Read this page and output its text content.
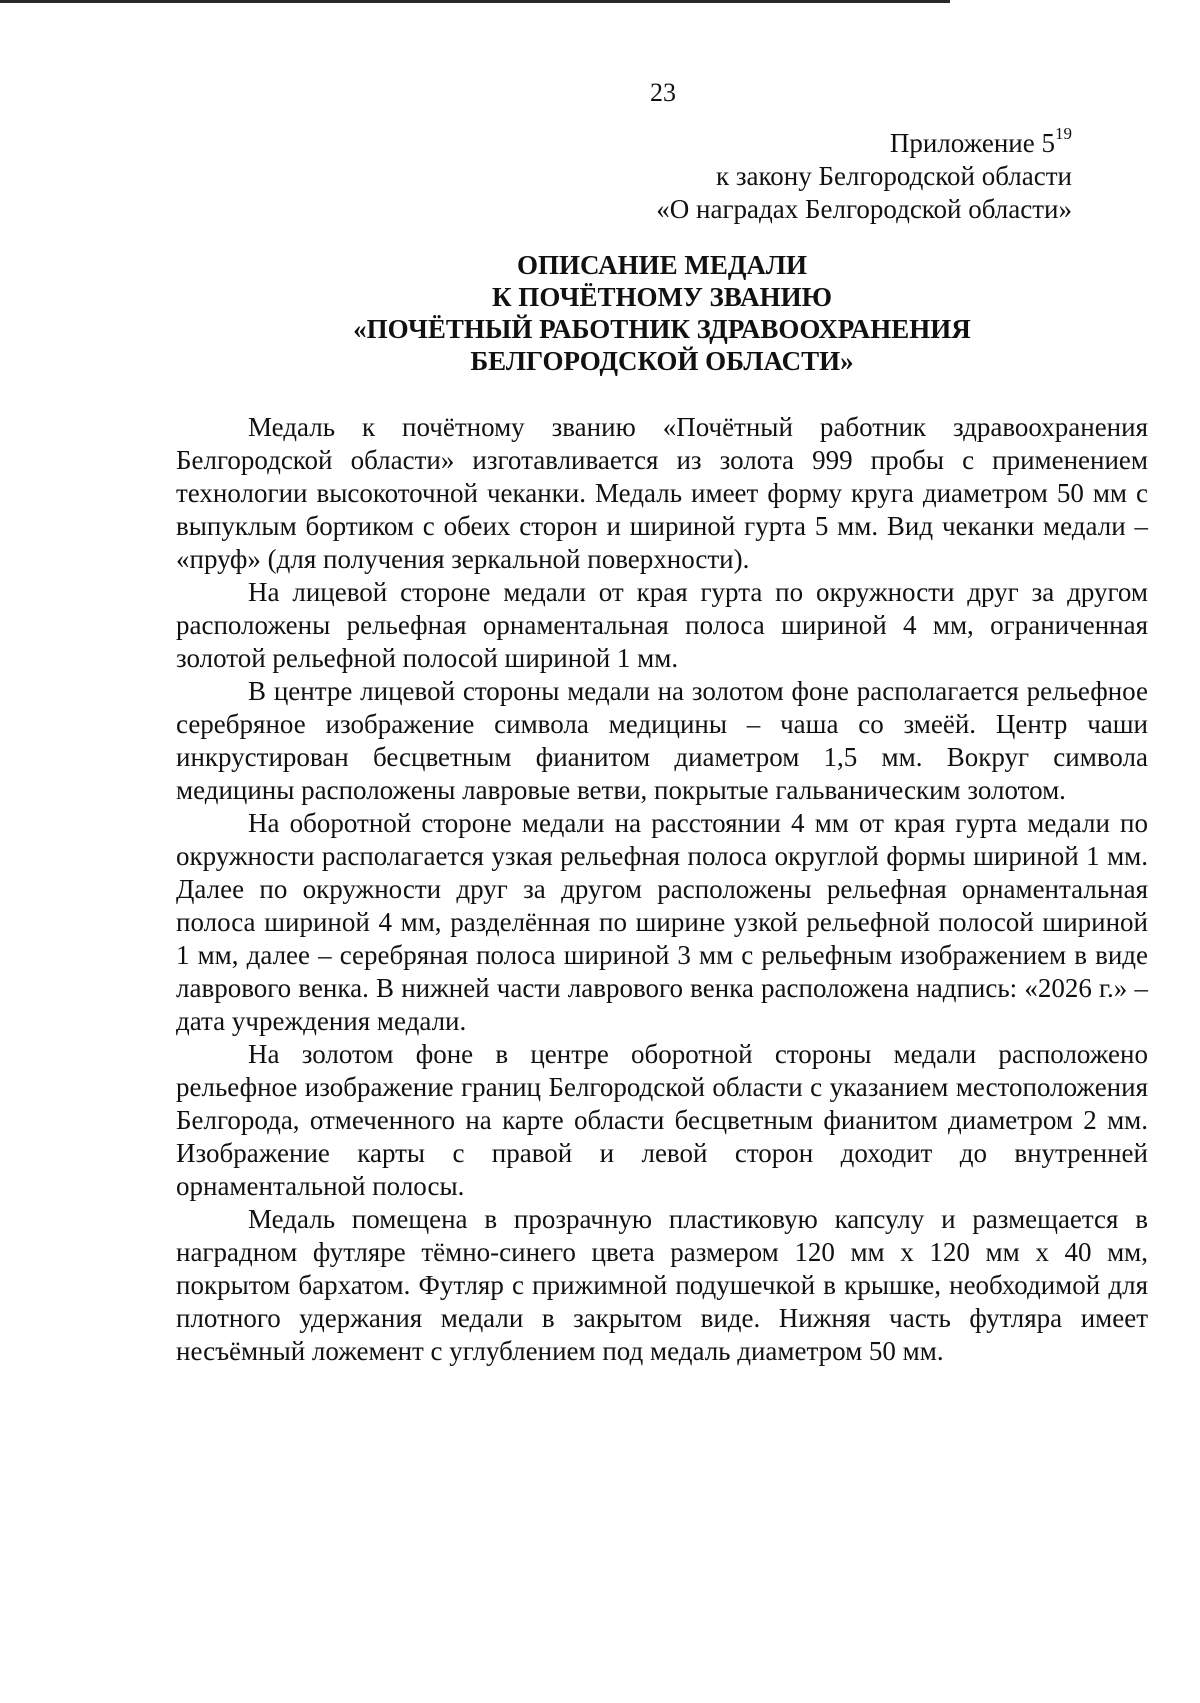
23
Приложение $5^{19}$
к закону Белгородской области
«О наградах Белгородской области»
ОПИСАНИЕ МЕДАЛИ
К ПОЧЁТНОМУ ЗВАНИЮ
«ПОЧЁТНЫЙ РАБОТНИК ЗДРАВООХРАНЕНИЯ
БЕЛГОРОДСКОЙ ОБЛАСТИ»

Медаль к почётному званию «Почётный работник здравоохранения Белгородской области» изготавливается из золота 999 пробы с применением технологии высокоточной чеканки. Медаль имеет форму круга диаметром 50 мм с выпуклым бортиком с обеих сторон и шириной гурта 5 мм. Вид чеканки медали – «пруф» (для получения зеркальной поверхности).

На лицевой стороне медали от края гурта по окружности друг за другом расположены рельефная орнаментальная полоса шириной 4 мм, ограниченная золотой рельефной полосой шириной 1 мм.

В центре лицевой стороны медали на золотом фоне располагается рельефное серебряное изображение символа медицины – чаша со змеёй. Центр чаши инкрустирован бесцветным фианитом диаметром 1,5 мм. Вокруг символа медицины расположены лавровые ветви, покрытые гальваническим золотом.

На оборотной стороне медали на расстоянии 4 мм от края гурта медали по окружности располагается узкая рельефная полоса округлой формы шириной 1 мм. Далее по окружности друг за другом расположены рельефная орнаментальная полоса шириной 4 мм, разделённая по ширине узкой рельефной полосой шириной 1 мм, далее – серебряная полоса шириной 3 мм с рельефным изображением в виде лаврового венка. В нижней части лаврового венка расположена надпись: «2026 г.» – дата учреждения медали.

На золотом фоне в центре оборотной стороны медали расположено рельефное изображение границ Белгородской области с указанием местоположения Белгорода, отмеченного на карте области бесцветным фианитом диаметром 2 мм. Изображение карты с правой и левой сторон доходит до внутренней орнаментальной полосы.

Медаль помещена в прозрачную пластиковую капсулу и размещается в наградном футляре тёмно-синего цвета размером 120 мм х 120 мм х 40 мм, покрытом бархатом. Футляр с прижимной подушечкой в крышке, необходимой для плотного удержания медали в закрытом виде. Нижняя часть футляра имеет несъёмный ложемент с углублением под медаль диаметром 50 мм.
